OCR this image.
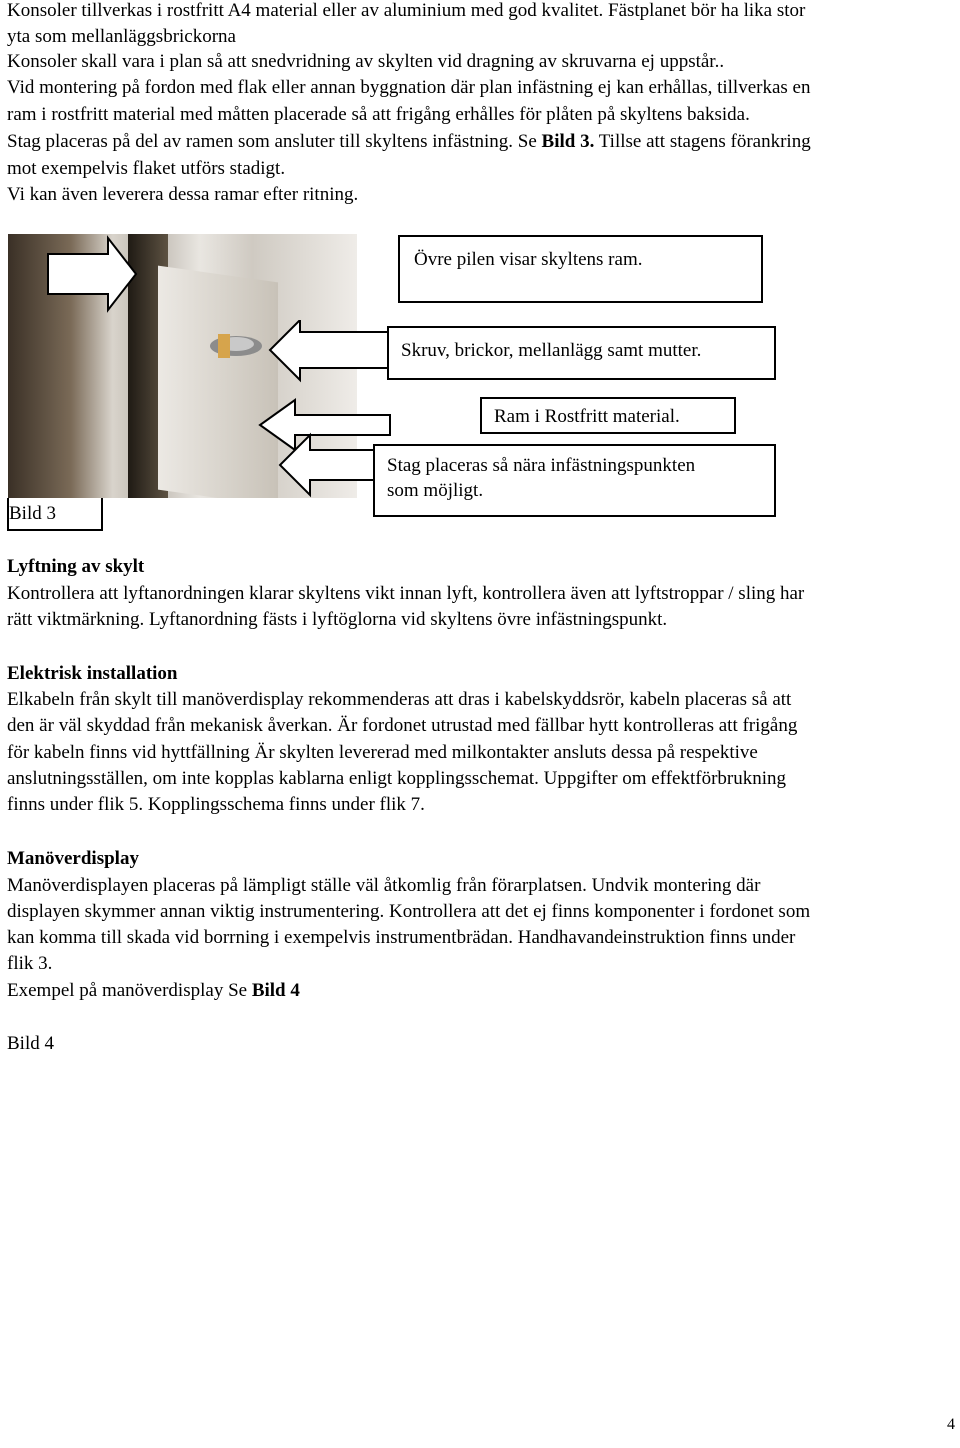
Konsoler tillverkas i rostfritt A4 material eller av aluminium med god kvalitet. Fästplanet bör ha lika stor
yta som mellanläggsbrickorna
Konsoler skall vara i plan så att snedvridning av skylten vid dragning av skruvarna ej uppstår..
Vid montering på fordon med flak eller annan byggnation där plan infästning ej kan erhållas, tillverkas en
ram i rostfritt material med måtten placerade så att frigång erhålles för plåten på skyltens baksida.
Stag placeras på del av ramen som ansluter till skyltens infästning. Se Bild 3. Tillse att stagens förankring
mot exempelvis flaket utförs stadigt.
Vi kan även leverera dessa ramar efter ritning.
Övre pilen visar skyltens ram.
Skruv, brickor, mellanlägg samt mutter.
Ram i Rostfritt material.
Stag placeras så nära infästningspunkten
som möjligt.
Bild 3
Lyftning av skylt
Kontrollera att lyftanordningen klarar skyltens vikt innan lyft, kontrollera även att lyftstroppar / sling har
rätt viktmärkning. Lyftanordning fästs i lyftöglorna vid skyltens övre infästningspunkt.
Elektrisk installation
Elkabeln från skylt till manöverdisplay rekommenderas att dras i kabelskyddsrör, kabeln placeras så att
den är väl skyddad från mekanisk åverkan. Är fordonet utrustad med fällbar hytt kontrolleras att frigång
för kabeln finns vid hyttfällning Är skylten levererad med milkontakter ansluts dessa på respektive
anslutningsställen, om inte kopplas kablarna enligt kopplingsschemat. Uppgifter om effektförbrukning
finns under flik 5. Kopplingsschema finns under flik 7.
Manöverdisplay
Manöverdisplayen placeras på lämpligt ställe väl åtkomlig från förarplatsen. Undvik montering där
displayen skymmer annan viktig instrumentering. Kontrollera att det ej finns komponenter i fordonet som
kan komma till skada vid borrning i exempelvis instrumentbrädan. Handhavandeinstruktion finns under
flik 3.
Exempel på manöverdisplay Se Bild 4
Bild 4
4
